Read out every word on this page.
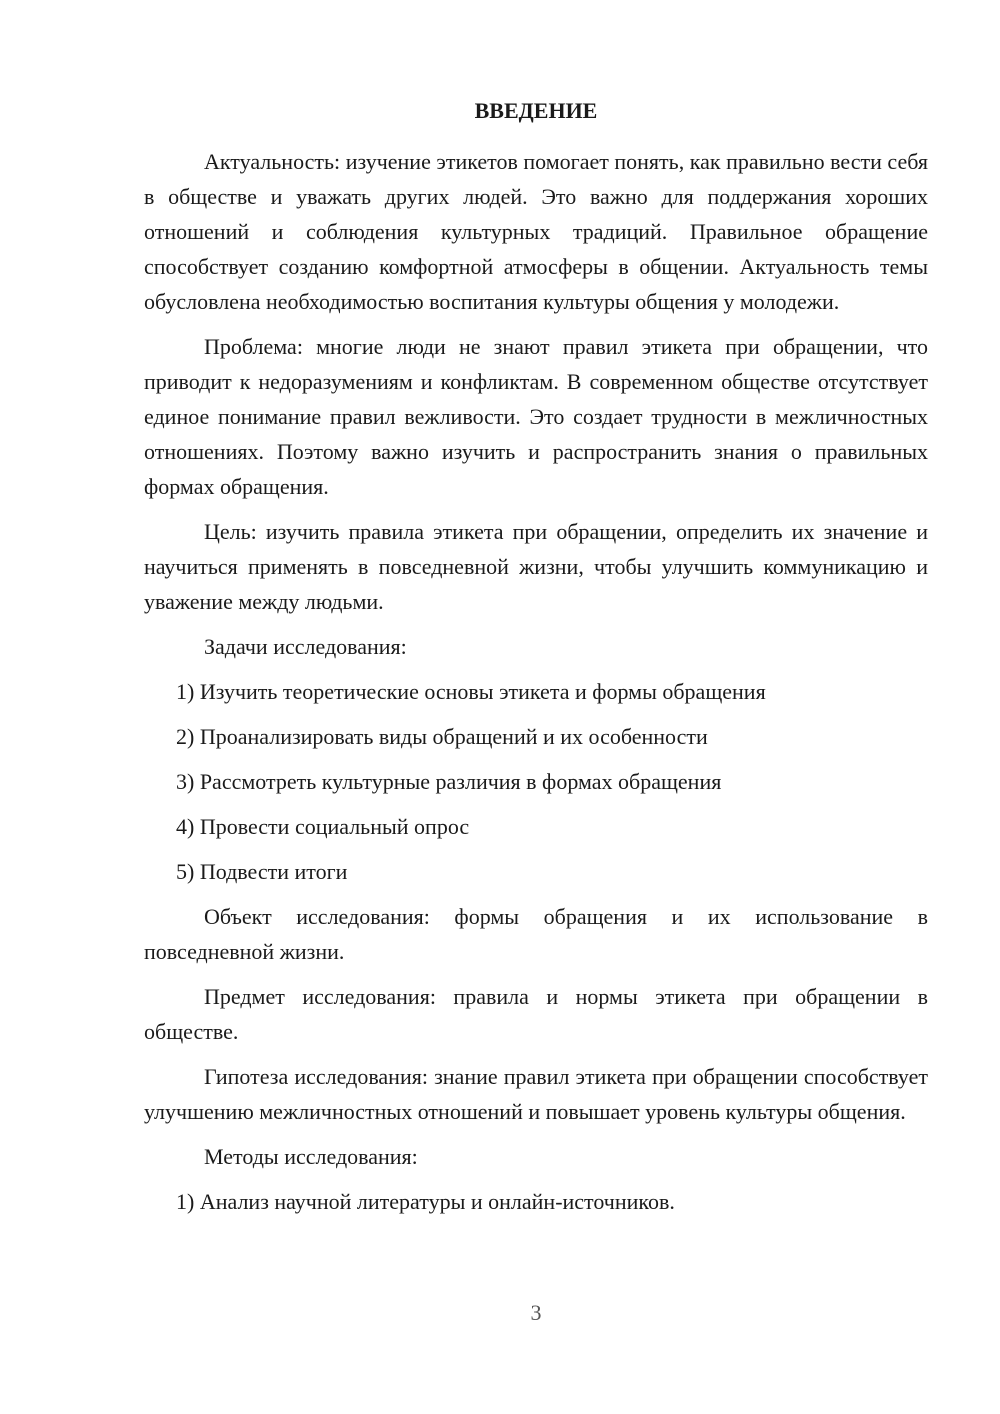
ВВЕДЕНИЕ

Актуальность: изучение этикетов помогает понять, как правильно вести себя в обществе и уважать других людей. Это важно для поддержания хороших отношений и соблюдения культурных традиций. Правильное обращение способствует созданию комфортной атмосферы в общении. Актуальность темы обусловлена необходимостью воспитания культуры общения у молодежи.

Проблема: многие люди не знают правил этикета при обращении, что приводит к недоразумениям и конфликтам. В современном обществе отсутствует единое понимание правил вежливости. Это создает трудности в межличностных отношениях. Поэтому важно изучить и распространить знания о правильных формах обращения.

Цель: изучить правила этикета при обращении, определить их значение и научиться применять в повседневной жизни, чтобы улучшить коммуникацию и уважение между людьми.

Задачи исследования:

1) Изучить теоретические основы этикета и формы обращения
2) Проанализировать виды обращений и их особенности
3) Рассмотреть культурные различия в формах обращения
4) Провести социальный опрос
5) Подвести итоги

Объект исследования: формы обращения и их использование в повседневной жизни.

Предмет исследования: правила и нормы этикета при обращении в обществе.

Гипотеза исследования: знание правил этикета при обращении способствует улучшению межличностных отношений и повышает уровень культуры общения.

Методы исследования:

1) Анализ научной литературы и онлайн-источников.
3
